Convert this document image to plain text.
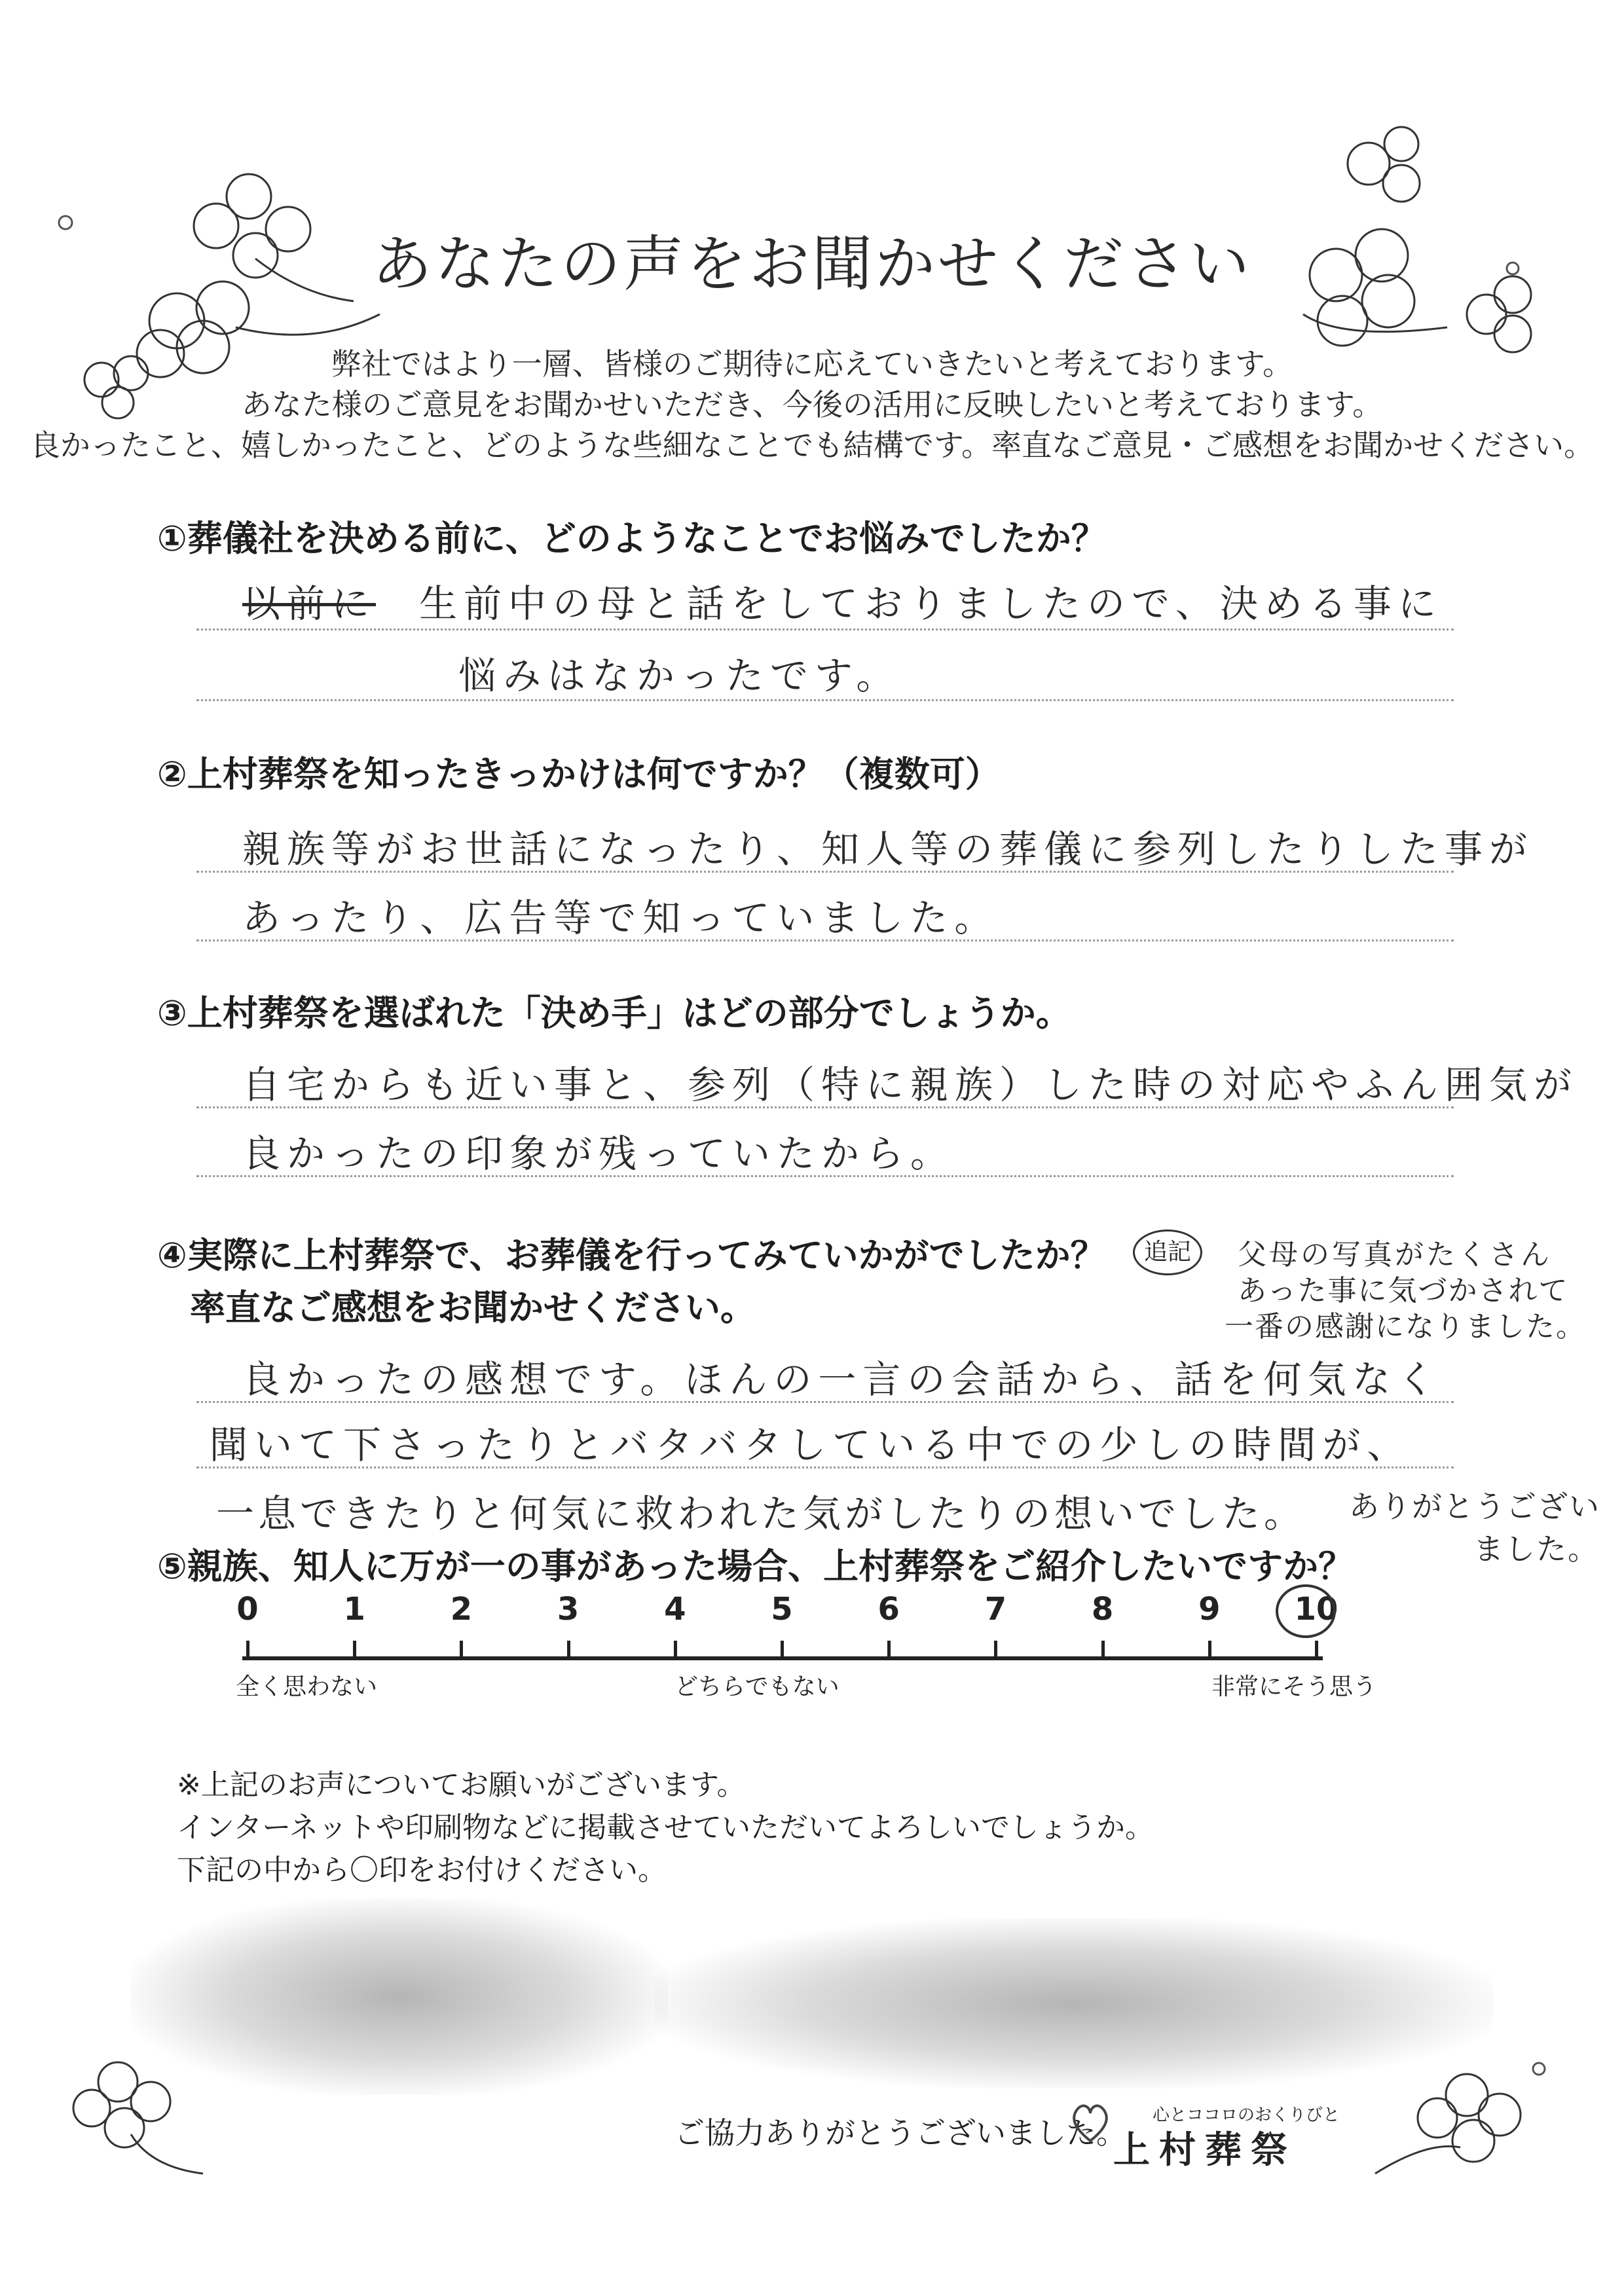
あなたの声をお聞かせください
弊社ではより一層、皆様のご期待に応えていきたいと考えております。
あなた様のご意見をお聞かせいただき、今後の活用に反映したいと考えております。
良かったこと、嬉しかったこと、どのような些細なことでも結構です。率直なご意見・ご感想をお聞かせください。
①葬儀社を決める前に、どのようなことでお悩みでしたか？
以前に 生前中の母と話をしておりましたので、決める事に
悩みはなかったです。
②上村葬祭を知ったきっかけは何ですか？（複数可）
親族等がお世話になったり、知人等の葬儀に参列したりした事が
あったり、広告等で知っていました。
③上村葬祭を選ばれた「決め手」はどの部分でしょうか。
自宅からも近い事と、参列（特に親族）した時の対応やふん囲気が
良かったの印象が残っていたから。
④実際に上村葬祭で、お葬儀を行ってみていかがでしたか？
率直なご感想をお聞かせください。
追記	父母の写真がたくさん
あった事に気づかされて
一番の感謝になりました。
良かったの感想です。ほんの一言の会話から、話を何気なく
聞いて下さったりとバタバタしている中での少しの時間が、
一息できたりと何気に救われた気がしたりの想いでした。 ありがとうござい
ました。
⑤親族、知人に万が一の事があった場合、上村葬祭をご紹介したいですか？
0	1	2	3	4	5	6	7	8	9	10
全く思わない	どちらでもない	非常にそう思う
※上記のお声についてお願いがございます。
インターネットや印刷物などに掲載させていただいてよろしいでしょうか。
下記の中から〇印をお付けください。
ご協力ありがとうございました。 心とココロのおくりびと
上村葬祭
